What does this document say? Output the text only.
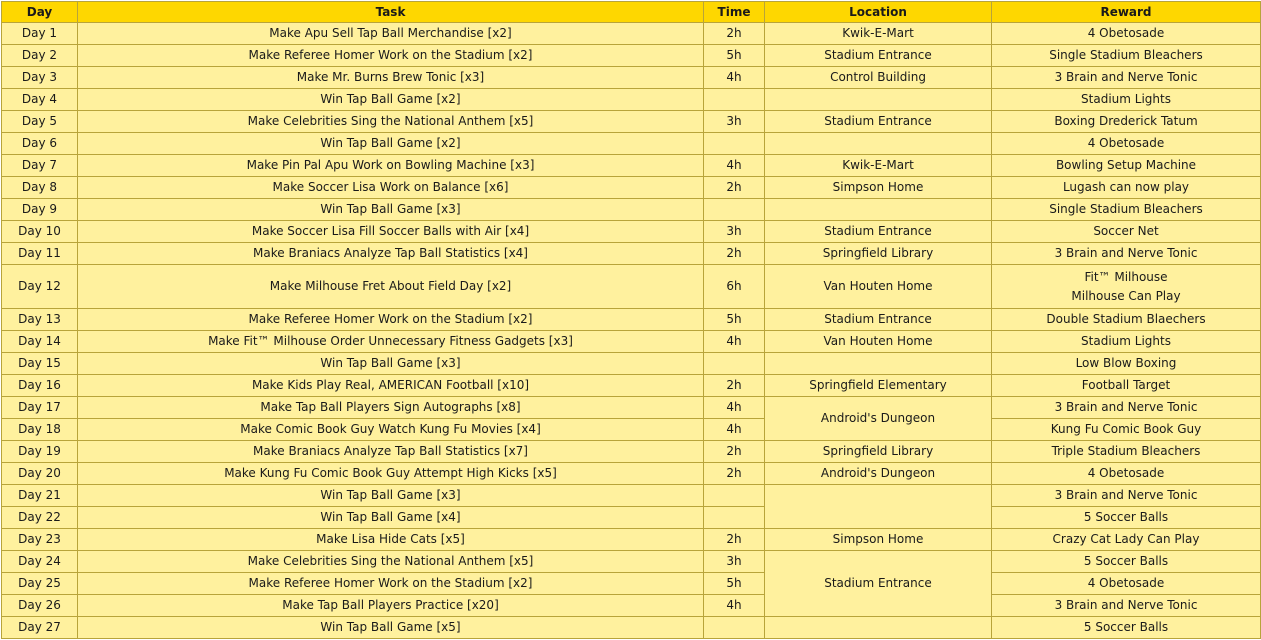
Day	Task	Time	Location	Reward
Day 1	Make Apu Sell Tap Ball Merchandise [x2]	2h	Kwik-E-Mart	4 Obetosade
Day 2	Make Referee Homer Work on the Stadium [x2]	5h	Stadium Entrance	Single Stadium Bleachers
Day 3	Make Mr. Burns Brew Tonic [x3]	4h	Control Building	3 Brain and Nerve Tonic
Day 4	Win Tap Ball Game [x2]			Stadium Lights
Day 5	Make Celebrities Sing the National Anthem [x5]	3h	Stadium Entrance	Boxing Drederick Tatum
Day 6	Win Tap Ball Game [x2]			4 Obetosade
Day 7	Make Pin Pal Apu Work on Bowling Machine [x3]	4h	Kwik-E-Mart	Bowling Setup Machine
Day 8	Make Soccer Lisa Work on Balance [x6]	2h	Simpson Home	Lugash can now play
Day 9	Win Tap Ball Game [x3]			Single Stadium Bleachers
Day 10	Make Soccer Lisa Fill Soccer Balls with Air [x4]	3h	Stadium Entrance	Soccer Net
Day 11	Make Braniacs Analyze Tap Ball Statistics [x4]	2h	Springfield Library	3 Brain and Nerve Tonic
Day 12	Make Milhouse Fret About Field Day [x2]	6h	Van Houten Home	Fit™ Milhouse
Milhouse Can Play
Day 13	Make Referee Homer Work on the Stadium [x2]	5h	Stadium Entrance	Double Stadium Blaechers
Day 14	Make Fit™ Milhouse Order Unnecessary Fitness Gadgets [x3]	4h	Van Houten Home	Stadium Lights
Day 15	Win Tap Ball Game [x3]			Low Blow Boxing
Day 16	Make Kids Play Real, AMERICAN Football [x10]	2h	Springfield Elementary	Football Target
Day 17	Make Tap Ball Players Sign Autographs [x8]	4h	Android's Dungeon	3 Brain and Nerve Tonic
Day 18	Make Comic Book Guy Watch Kung Fu Movies [x4]	4h		Kung Fu Comic Book Guy
Day 19	Make Braniacs Analyze Tap Ball Statistics [x7]	2h	Springfield Library	Triple Stadium Bleachers
Day 20	Make Kung Fu Comic Book Guy Attempt High Kicks [x5]	2h	Android's Dungeon	4 Obetosade
Day 21	Win Tap Ball Game [x3]			3 Brain and Nerve Tonic
Day 22	Win Tap Ball Game [x4]			5 Soccer Balls
Day 23	Make Lisa Hide Cats [x5]	2h	Simpson Home	Crazy Cat Lady Can Play
Day 24	Make Celebrities Sing the National Anthem [x5]	3h	Stadium Entrance	5 Soccer Balls
Day 25	Make Referee Homer Work on the Stadium [x2]	5h		4 Obetosade
Day 26	Make Tap Ball Players Practice [x20]	4h		3 Brain and Nerve Tonic
Day 27	Win Tap Ball Game [x5]			5 Soccer Balls
